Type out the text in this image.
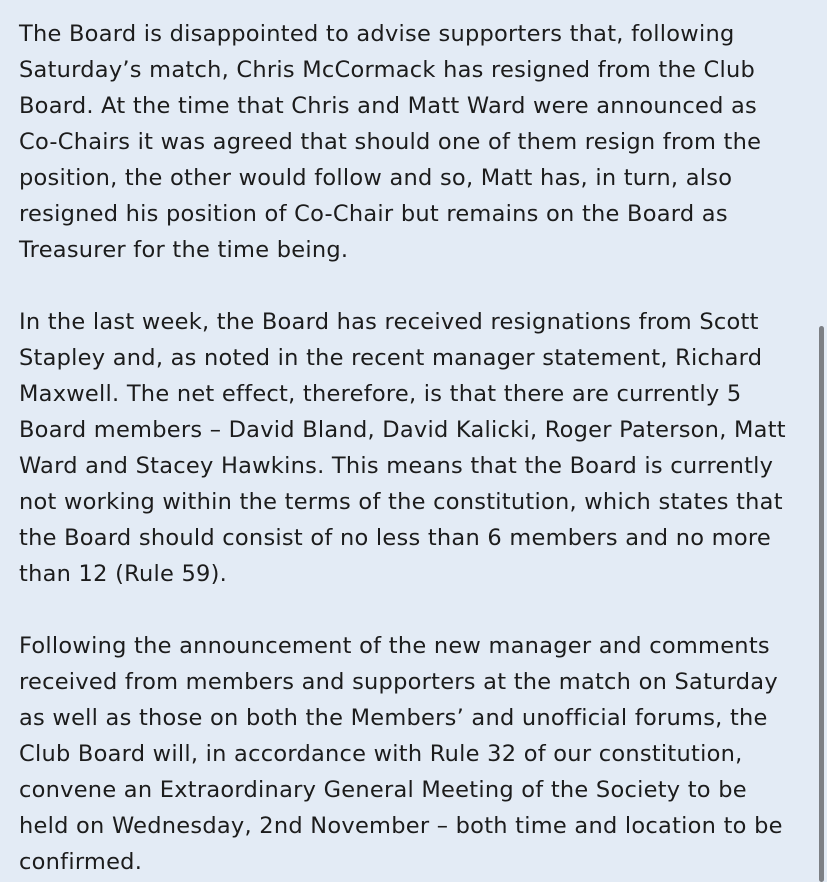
The Board is disappointed to advise supporters that, following
Saturday’s match, Chris McCormack has resigned from the Club
Board. At the time that Chris and Matt Ward were announced as
Co-Chairs it was agreed that should one of them resign from the
position, the other would follow and so, Matt has, in turn, also
resigned his position of Co-Chair but remains on the Board as
Treasurer for the time being.

In the last week, the Board has received resignations from Scott
Stapley and, as noted in the recent manager statement, Richard
Maxwell. The net effect, therefore, is that there are currently 5
Board members – David Bland, David Kalicki, Roger Paterson, Matt
Ward and Stacey Hawkins. This means that the Board is currently
not working within the terms of the constitution, which states that
the Board should consist of no less than 6 members and no more
than 12 (Rule 59).

Following the announcement of the new manager and comments
received from members and supporters at the match on Saturday
as well as those on both the Members’ and unofficial forums, the
Club Board will, in accordance with Rule 32 of our constitution,
convene an Extraordinary General Meeting of the Society to be
held on Wednesday, 2nd November – both time and location to be
confirmed.
